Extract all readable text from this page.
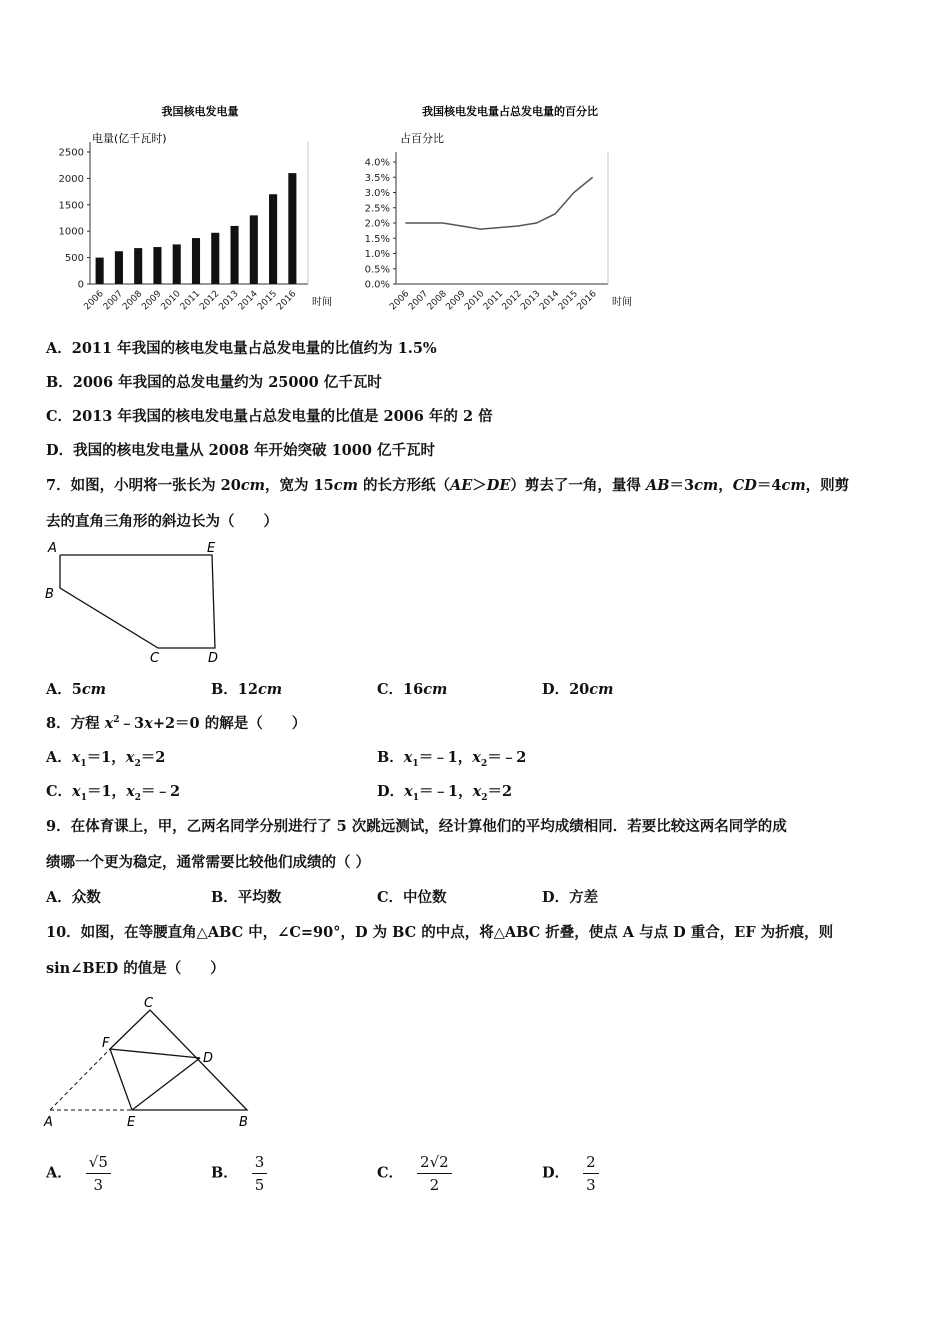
我国核电发电量
电量(亿千瓦时)
时间
0
500
1000
1500
2000
2500
2006
2007
2008
2009
2010
2011
2012
2013
2014
2015
2016
我国核电发电量占总发电量的百分比
占百分比
时间
0.0%
0.5%
1.0%
1.5%
2.0%
2.5%
3.0%
3.5%
4.0%
2006
2007
2008
2009
2010
2011
2012
2013
2014
2015
2016
A．2011 年我国的核电发电量占总发电量的比值约为 1.5%
B．2006 年我国的总发电量约为 25000 亿千瓦时
C．2013 年我国的核电发电量占总发电量的比值是 2006 年的 2 倍
D．我国的核电发电量从 2008 年开始突破 1000 亿千瓦时
7．如图，小明将一张长为 20cm，宽为 15cm 的长方形纸（AE＞DE）剪去了一角，量得 AB＝3cm，CD＝4cm，则剪
去的直角三角形的斜边长为（　　）
A	E
B
C	D
A．5cm	B．12cm	C．16cm	D．20cm
8．方程 $x^2﹣3x+2=0$ 的解是（　　）
A．$x_1=1$，$x_2=2$	B．$x_1=﹣1$，$x_2=﹣2$
C．$x_1=1$，$x_2=﹣2$	D．$x_1=﹣1$，$x_2=2$
9．在体育课上，甲，乙两名同学分别进行了 5 次跳远测试，经计算他们的平均成绩相同．若要比较这两名同学的成
绩哪一个更为稳定，通常需要比较他们成绩的（ ）
A．众数	B．平均数	C．中位数	D．方差
10．如图，在等腰直角△ABC 中，∠C=90°，D 为 BC 的中点，将△ABC 折叠，使点 A 与点 D 重合，EF 为折痕，则
sin∠BED 的值是（　　）
C
F
D
A	E	B
A． $\frac{√5}{3}$	B． $\frac{3}{5}$	C． $\frac{2√2}{2}$	D． $\frac{2}{3}$
